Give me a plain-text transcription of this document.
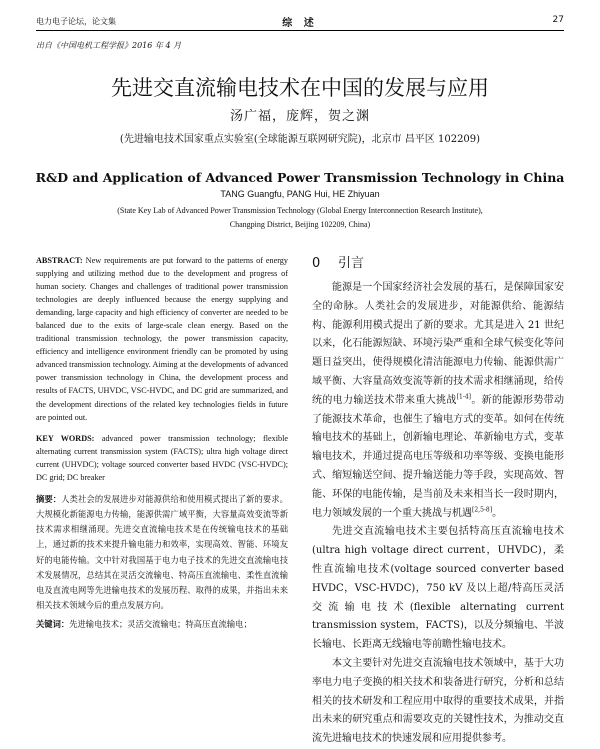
电力电子论坛，论文集	综 述	27
出自《中国电机工程学报》2016 年 4 月
先进交直流输电技术在中国的发展与应用
汤广福，庞辉，贺之渊
(先进输电技术国家重点实验室(全球能源互联网研究院)，北京市 昌平区 102209)
R&D and Application of Advanced Power Transmission Technology in China
TANG Guangfu, PANG Hui, HE Zhiyuan
(State Key Lab of Advanced Power Transmission Technology (Global Energy Interconnection Research Institute),
Changping District, Beijing 102209, China)

ABSTRACT: New requirements are put forward to the patterns of energy supplying and utilizing method due to the development and progress of human society. Changes and challenges of traditional power transmission technologies are deeply influenced because the energy supplying and demanding, large capacity and high efficiency of converter are needed to be balanced due to the exits of large-scale clean energy. Based on the traditional transmission technology, the power transmission capacity, efficiency and intelligence environment friendly can be promoted by using advanced transmission technology. Aiming at the developments of advanced power transmission technology in China, the development process and results of FACTS, UHVDC, VSC-HVDC, and DC grid are summarized, and the development directions of the related key technologies fields in future are pointed out.

KEY WORDS: advanced power transmission technology; flexible alternating current transmission system (FACTS); ultra high voltage direct current (UHVDC); voltage sourced converter based HVDC (VSC-HVDC); DC grid; DC breaker

摘要：人类社会的发展进步对能源供给和使用模式提出了新的要求。大规模化新能源电力传输，能源供需广域平衡，大容量高效变流等新技术需求相继涌现。先进交直流输电技术是在传统输电技术的基础上，通过新的技术来提升输电能力和效率，实现高效、智能、环境友好的电能传输。文中针对我国基于电力电子技术的先进交直流输电技术发展情况，总结其在灵活交流输电、特高压直流输电、柔性直流输电及直流电网等先进输电技术的发展历程、取得的成果，并指出未来相关技术领域今后的重点发展方向。

关键词：先进输电技术；灵活交流输电；特高压直流输电；

0 引言

能源是一个国家经济社会发展的基石，是保障国家安全的命脉。人类社会的发展进步，对能源供给、能源结构、能源利用模式提出了新的要求。尤其是进入 21 世纪以来，化石能源短缺、环境污染严重和全球气候变化等问题日益突出，使得规模化清洁能源电力传输、能源供需广域平衡、大容量高效变流等新的技术需求相继涌现，给传统的电力输送技术带来重大挑战[1-4]。新的能源形势带动了能源技术革命，也催生了输电方式的变革。如何在传统输电技术的基础上，创新输电理论、革新输电方式，变革输电技术，并通过提高电压等级和功率等级、变换电能形式、缩短输送空间、提升输送能力等手段，实现高效、智能、环保的电能传输，是当前及未来相当长一段时期内，电力领域发展的一个重大挑战与机遇[2,5-8]。

先进交直流输电技术主要包括特高压直流输电技术(ultra high voltage direct current，UHVDC)，柔性直流输电技术(voltage sourced converter based HVDC，VSC-HVDC)，750 kV 及以上超/特高压灵活交流输电技术(flexible alternating current transmission system，FACTS)，以及分频输电、半波长输电、长距离无线输电等前瞻性输电技术。

本文主要针对先进交直流输电技术领域中，基于大功率电力电子变换的相关技术和装备进行研究，分析和总结相关的技术研发和工程应用中取得的重要技术成果，并指出未来的研究重点和需要攻克的关键性技术，为推动交直流先进输电技术的快速发展和应用提供参考。
